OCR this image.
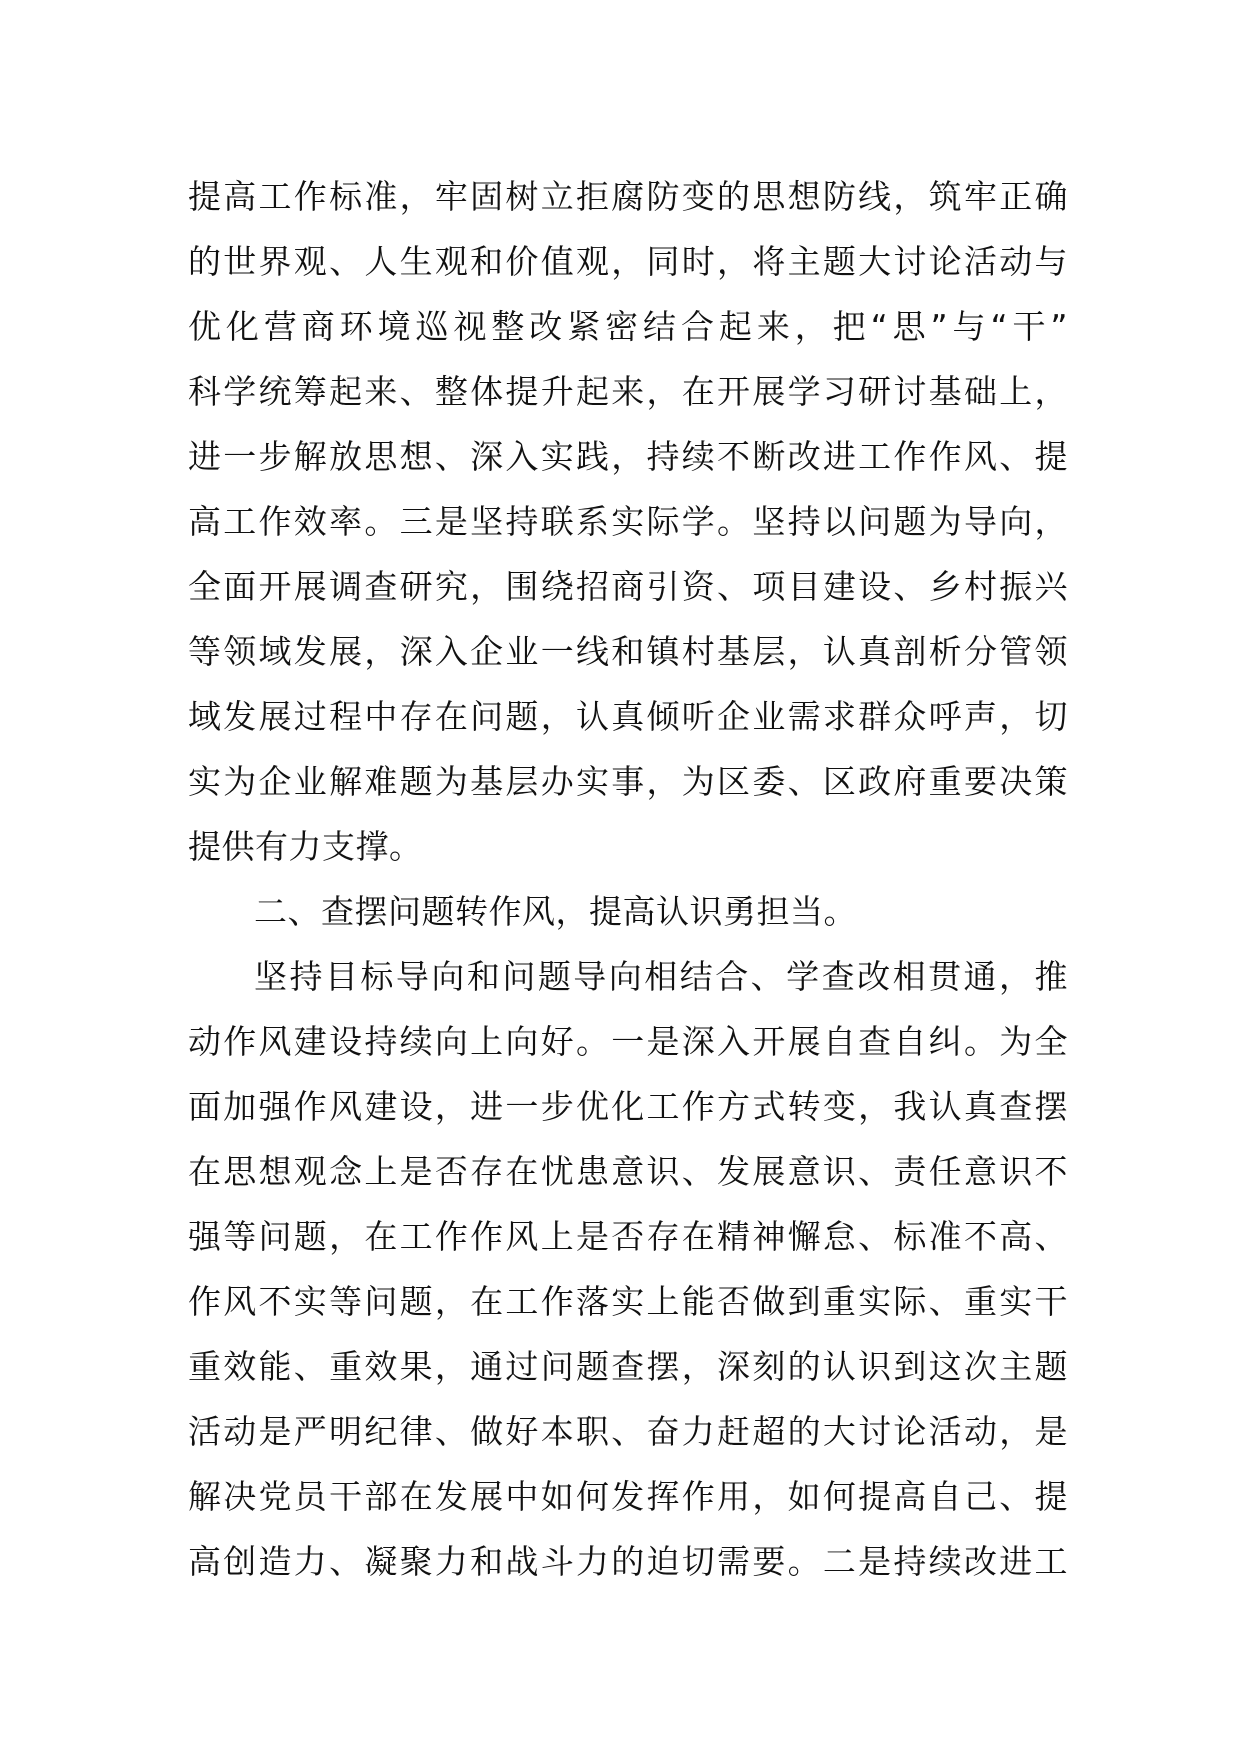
提高工作标准，牢固树立拒腐防变的思想防线，筑牢正确
的世界观、人生观和价值观，同时，将主题大讨论活动与
优化营商环境巡视整改紧密结合起来，把“思”与“干”
科学统筹起来、整体提升起来，在开展学习研讨基础上，
进一步解放思想、深入实践，持续不断改进工作作风、提
高工作效率。三是坚持联系实际学。坚持以问题为导向，
全面开展调查研究，围绕招商引资、项目建设、乡村振兴
等领域发展，深入企业一线和镇村基层，认真剖析分管领
域发展过程中存在问题，认真倾听企业需求群众呼声，切
实为企业解难题为基层办实事，为区委、区政府重要决策
提供有力支撑。
二、查摆问题转作风，提高认识勇担当。
坚持目标导向和问题导向相结合、学查改相贯通，推
动作风建设持续向上向好。一是深入开展自查自纠。为全
面加强作风建设，进一步优化工作方式转变，我认真查摆
在思想观念上是否存在忧患意识、发展意识、责任意识不
强等问题，在工作作风上是否存在精神懈怠、标准不高、
作风不实等问题，在工作落实上能否做到重实际、重实干
重效能、重效果，通过问题查摆，深刻的认识到这次主题
活动是严明纪律、做好本职、奋力赶超的大讨论活动，是
解决党员干部在发展中如何发挥作用，如何提高自己、提
高创造力、凝聚力和战斗力的迫切需要。二是持续改进工
